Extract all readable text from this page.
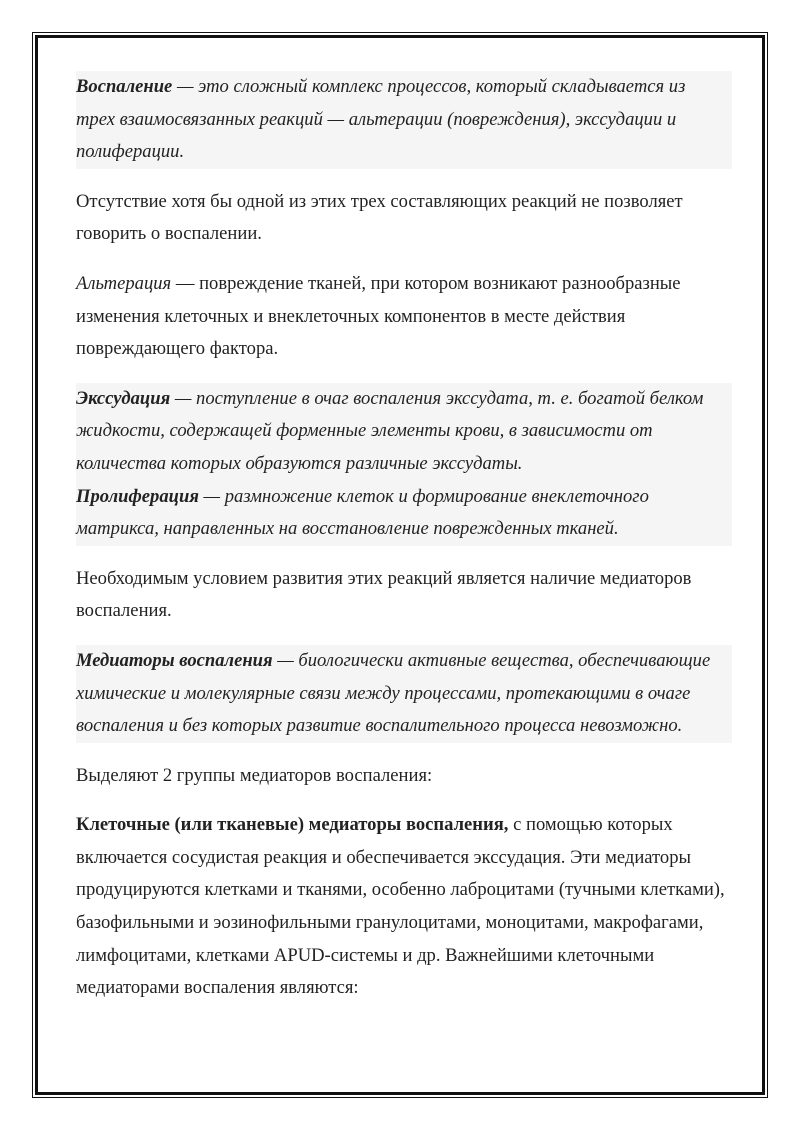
Воспаление — это сложный комплекс процессов, который складывается из трех взаимосвязанных реакций — альтерации (повреждения), экссудации и полиферации.

Отсутствие хотя бы одной из этих трех составляющих реакций не позволяет говорить о воспалении.

Альтерация — повреждение тканей, при котором возникают разнообразные изменения клеточных и внеклеточных компонентов в месте действия повреждающего фактора.

Экссудация — поступление в очаг воспаления экссудата, т. е. богатой белком жидкости, содержащей форменные элементы крови, в зависимости от количества которых образуются различные экссудаты.
Пролиферация — размножение клеток и формирование внеклеточного матрикса, направленных на восстановление поврежденных тканей.

Необходимым условием развития этих реакций является наличие медиаторов воспаления.

Медиаторы воспаления — биологически активные вещества, обеспечивающие химические и молекулярные связи между процессами, протекающими в очаге воспаления и без которых развитие воспалительного процесса невозможно.

Выделяют 2 группы медиаторов воспаления:

Клеточные (или тканевые) медиаторы воспаления, с помощью которых включается сосудистая реакция и обеспечивается экссудация. Эти медиаторы продуцируются клетками и тканями, особенно лаброцитами (тучными клетками), базофильными и эозинофильными гранулоцитами, моноцитами, макрофагами, лимфоцитами, клетками APUD-системы и др. Важнейшими клеточными медиаторами воспаления являются:
